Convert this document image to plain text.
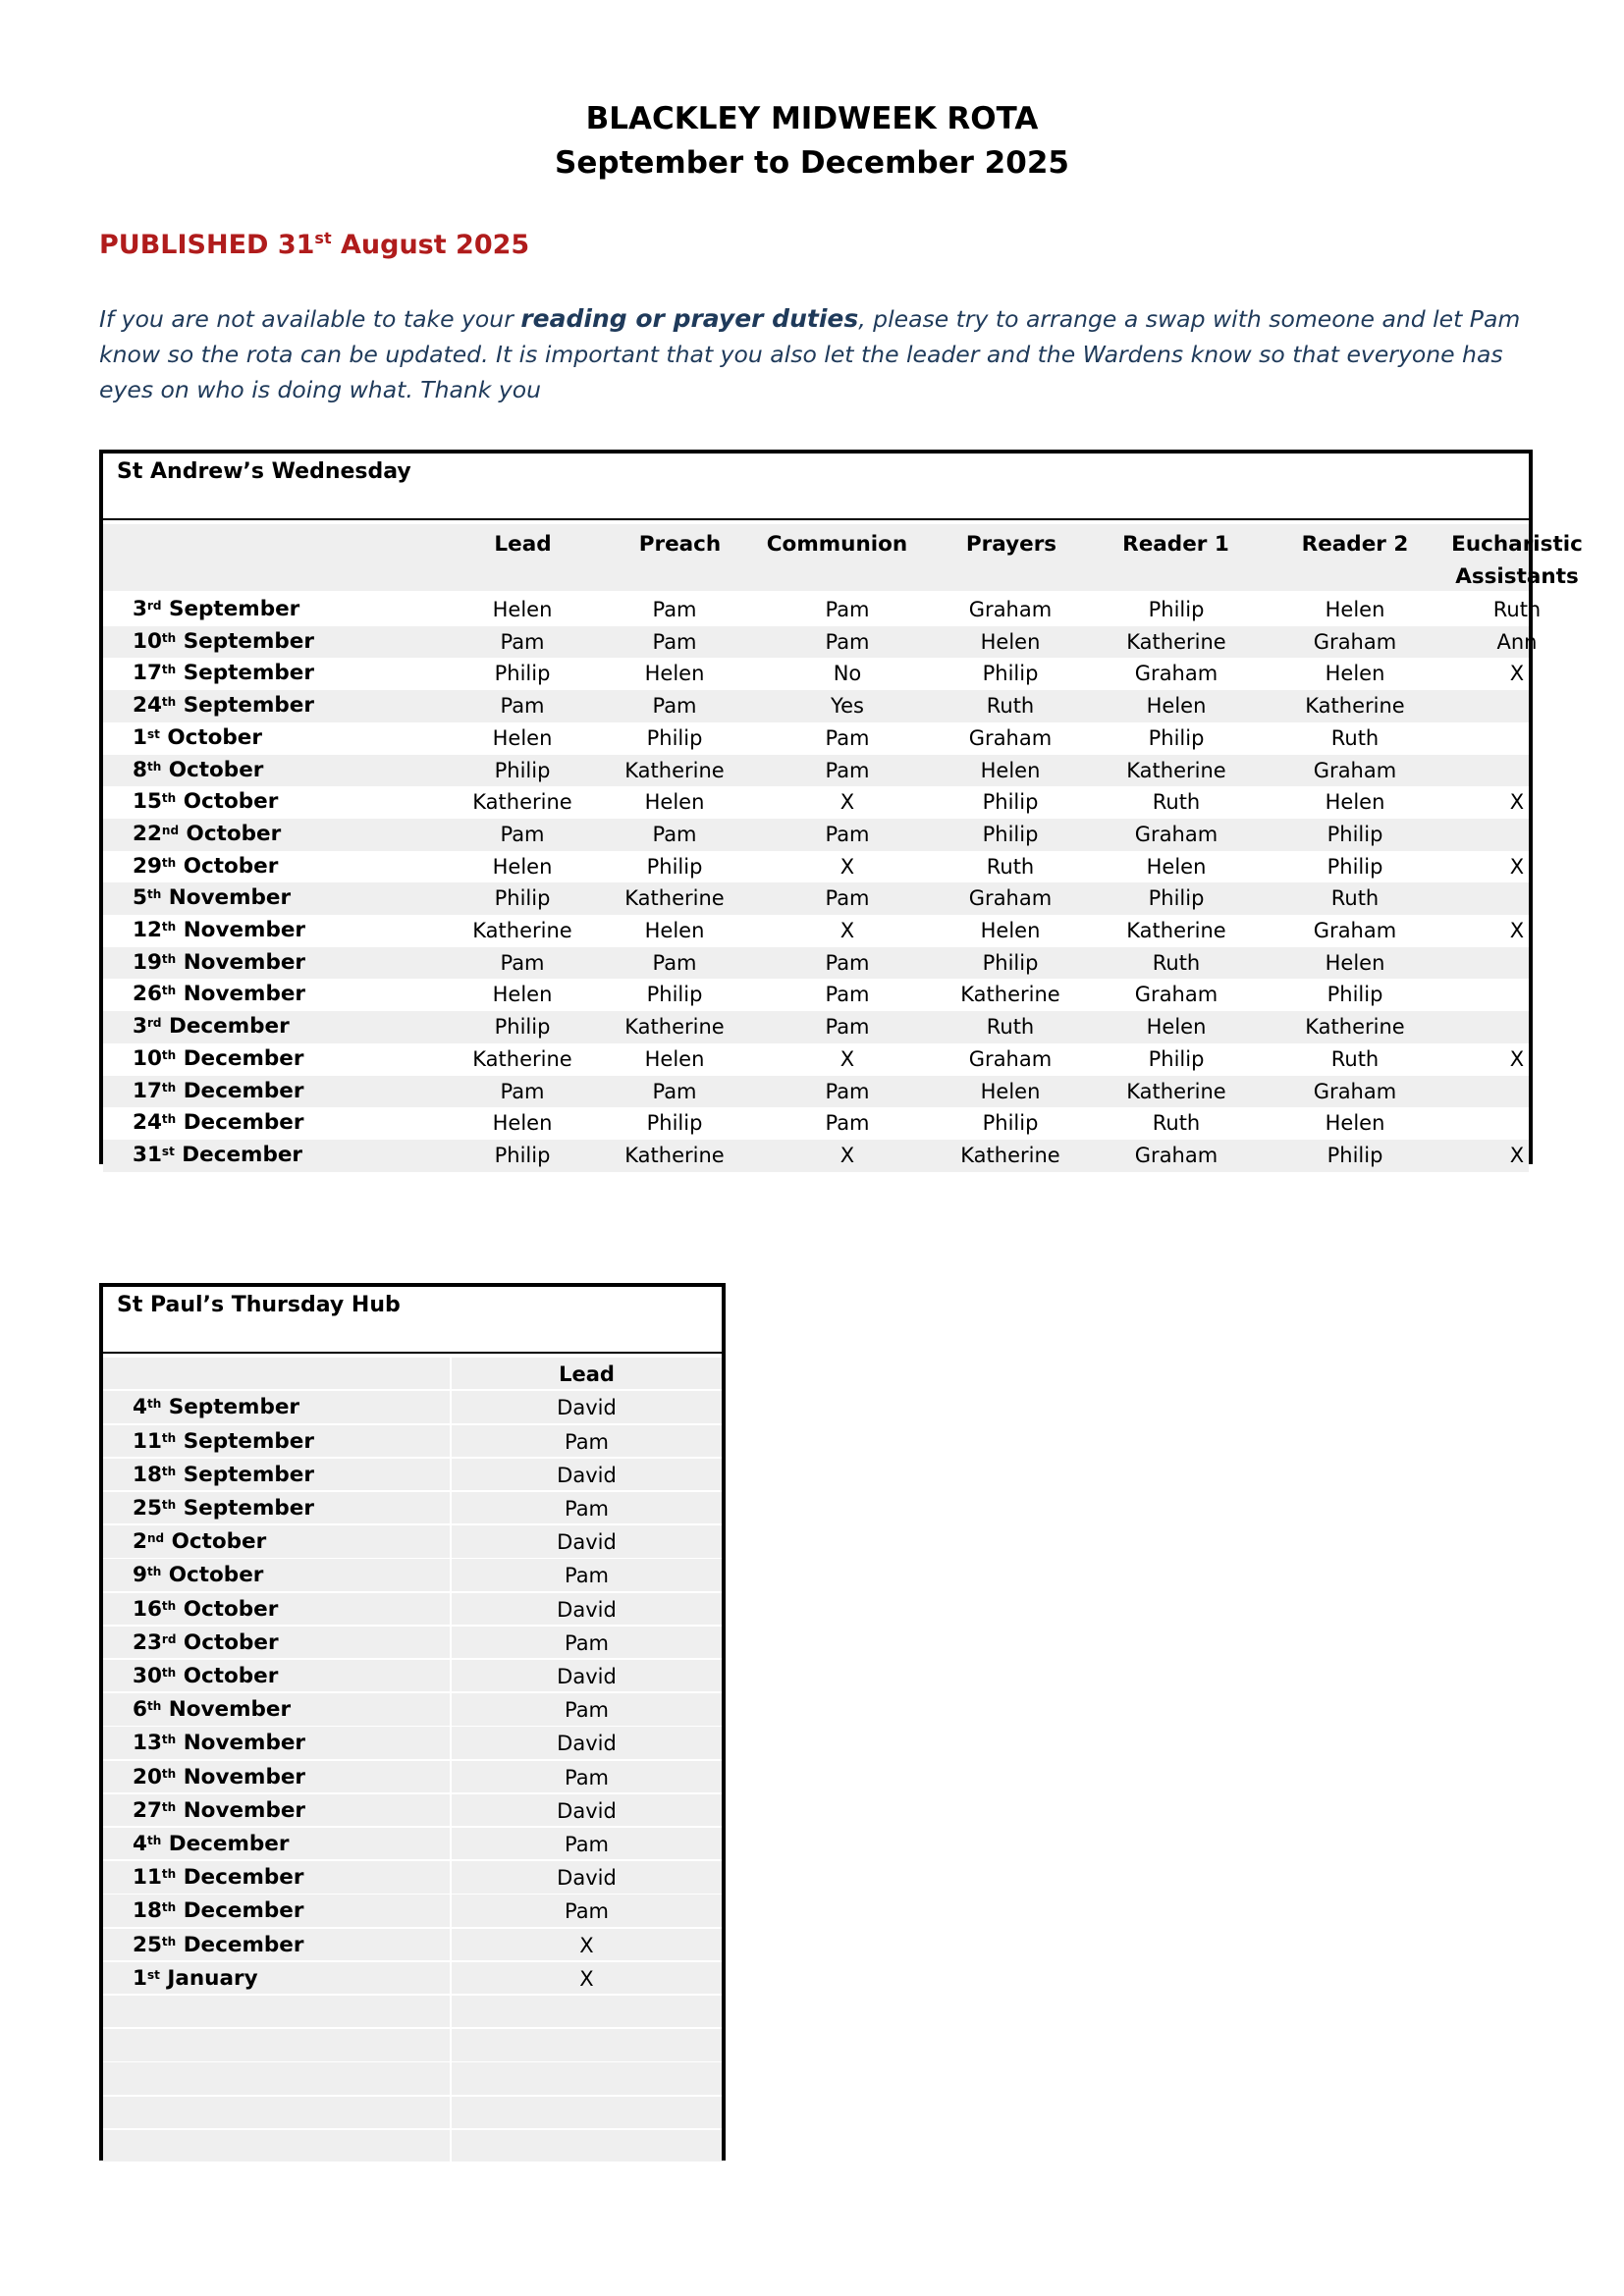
BLACKLEY MIDWEEK ROTA
September to December 2025
PUBLISHED 31st August 2025
If you are not available to take your reading or prayer duties, please try to arrange a swap with someone and let Pam know so the rota can be updated. It is important that you also let the leader and the Wardens know so that everyone has eyes on who is doing what. Thank you
St Andrew’s Wednesday
Lead	Preach	Communion	Prayers	Reader 1	Reader 2	Eucharistic
Assistants
3rd September	Helen	Pam	Pam	Graham	Philip	Helen	Ruth
10th September	Pam	Pam	Pam	Helen	Katherine	Graham	Ann
17th September	Philip	Helen	No	Philip	Graham	Helen	X
24th September	Pam	Pam	Yes	Ruth	Helen	Katherine
1st October	Helen	Philip	Pam	Graham	Philip	Ruth
8th October	Philip	Katherine	Pam	Helen	Katherine	Graham
15th October	Katherine	Helen	X	Philip	Ruth	Helen	X
22nd October	Pam	Pam	Pam	Philip	Graham	Philip
29th October	Helen	Philip	X	Ruth	Helen	Philip	X
5th November	Philip	Katherine	Pam	Graham	Philip	Ruth
12th November	Katherine	Helen	X	Helen	Katherine	Graham	X
19th November	Pam	Pam	Pam	Philip	Ruth	Helen
26th November	Helen	Philip	Pam	Katherine	Graham	Philip
3rd December	Philip	Katherine	Pam	Ruth	Helen	Katherine
10th December	Katherine	Helen	X	Graham	Philip	Ruth	X
17th December	Pam	Pam	Pam	Helen	Katherine	Graham
24th December	Helen	Philip	Pam	Philip	Ruth	Helen
31st December	Philip	Katherine	X	Katherine	Graham	Philip	X
St Paul’s Thursday Hub
Lead
4th September	David
11th September	Pam
18th September	David
25th September	Pam
2nd October	David
9th October	Pam
16th October	David
23rd October	Pam
30th October	David
6th November	Pam
13th November	David
20th November	Pam
27th November	David
4th December	Pam
11th December	David
18th December	Pam
25th December	X
1st January	X
